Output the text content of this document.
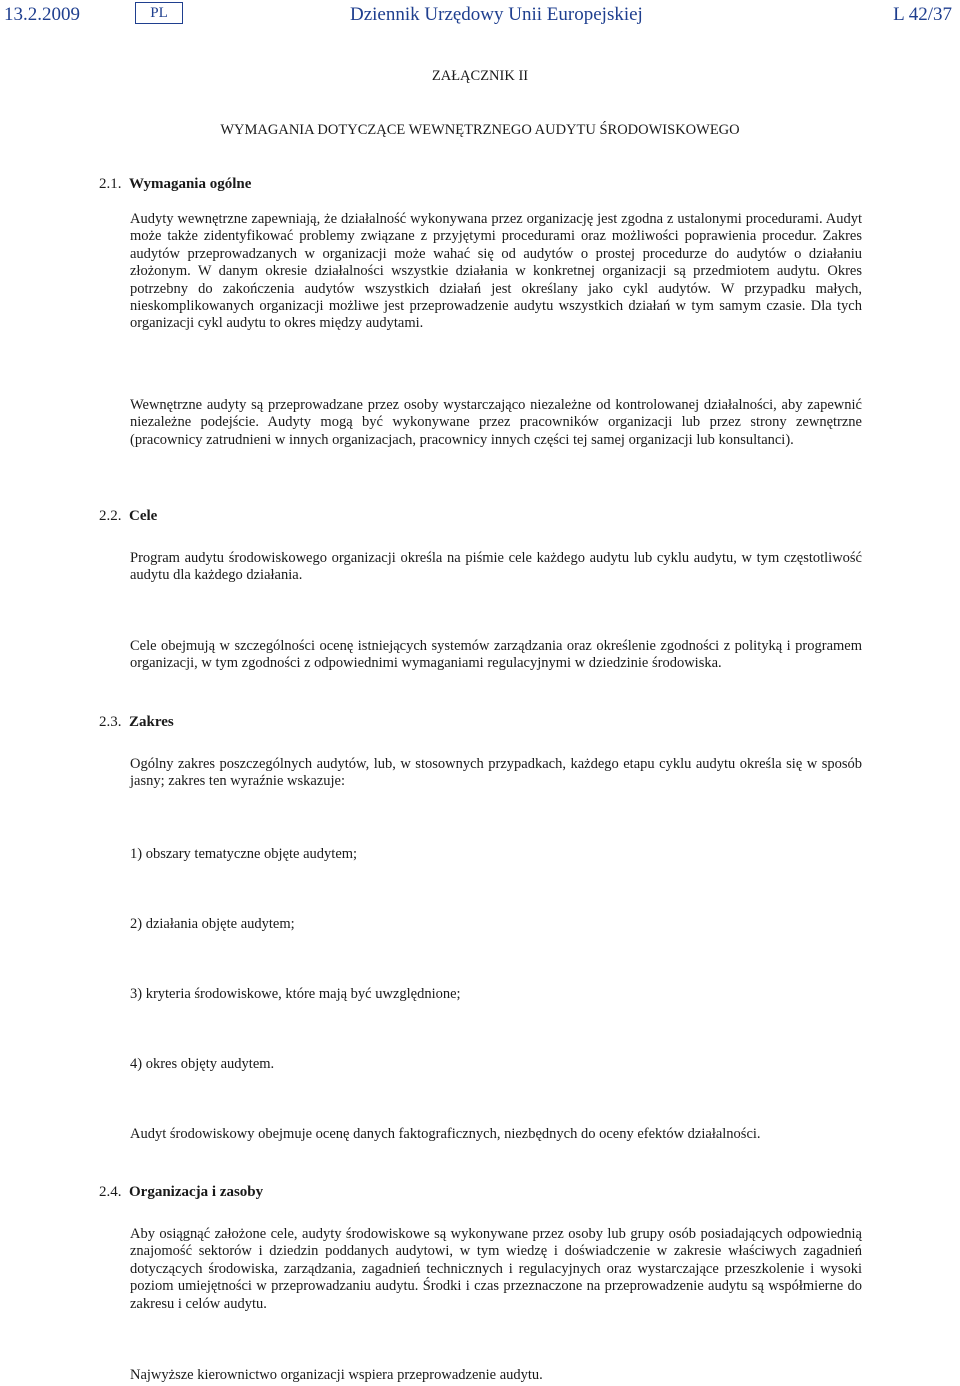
13.2.2009	PL	Dziennik Urzędowy Unii Europejskiej	L 42/37
ZAŁĄCZNIK II
WYMAGANIA DOTYCZĄCE WEWNĘTRZNEGO AUDYTU ŚRODOWISKOWEGO
2.1. Wymagania ogólne

Audyty wewnętrzne zapewniają, że działalność wykonywana przez organizację jest zgodna z ustalonymi procedurami. Audyt może także zidentyfikować problemy związane z przyjętymi procedurami oraz możliwości poprawienia procedur. Zakres audytów przeprowadzanych w organizacji może wahać się od audytów o prostej procedurze do audytów o działaniu złożonym. W danym okresie działalności wszystkie działania w konkretnej organizacji są przedmiotem audytu. Okres potrzebny do zakończenia audytów wszystkich działań jest określany jako cykl audytów. W przypadku małych, nieskomplikowanych organizacji możliwe jest przeprowadzenie audytu wszystkich działań w tym samym czasie. Dla tych organizacji cykl audytu to okres między audytami.

Wewnętrzne audyty są przeprowadzane przez osoby wystarczająco niezależne od kontrolowanej działalności, aby zapewnić niezależne podejście. Audyty mogą być wykonywane przez pracowników organizacji lub przez strony zewnętrzne (pracownicy zatrudnieni w innych organizacjach, pracownicy innych części tej samej organizacji lub konsultanci).

2.2. Cele

Program audytu środowiskowego organizacji określa na piśmie cele każdego audytu lub cyklu audytu, w tym częstotliwość audytu dla każdego działania.

Cele obejmują w szczególności ocenę istniejących systemów zarządzania oraz określenie zgodności z polityką i programem organizacji, w tym zgodności z odpowiednimi wymaganiami regulacyjnymi w dziedzinie środowiska.

2.3. Zakres

Ogólny zakres poszczególnych audytów, lub, w stosownych przypadkach, każdego etapu cyklu audytu określa się w sposób jasny; zakres ten wyraźnie wskazuje:

1) obszary tematyczne objęte audytem;

2) działania objęte audytem;

3) kryteria środowiskowe, które mają być uwzględnione;

4) okres objęty audytem.

Audyt środowiskowy obejmuje ocenę danych faktograficznych, niezbędnych do oceny efektów działalności.

2.4. Organizacja i zasoby

Aby osiągnąć założone cele, audyty środowiskowe są wykonywane przez osoby lub grupy osób posiadających odpowiednią znajomość sektorów i dziedzin poddanych audytowi, w tym wiedzę i doświadczenie w zakresie właściwych zagadnień dotyczących środowiska, zarządzania, zagadnień technicznych i regulacyjnych oraz wystarczające przeszkolenie i wysoki poziom umiejętności w przeprowadzaniu audytu. Środki i czas przeznaczone na przeprowadzenie audytu są współmierne do zakresu i celów audytu.

Najwyższe kierownictwo organizacji wspiera przeprowadzenie audytu.
